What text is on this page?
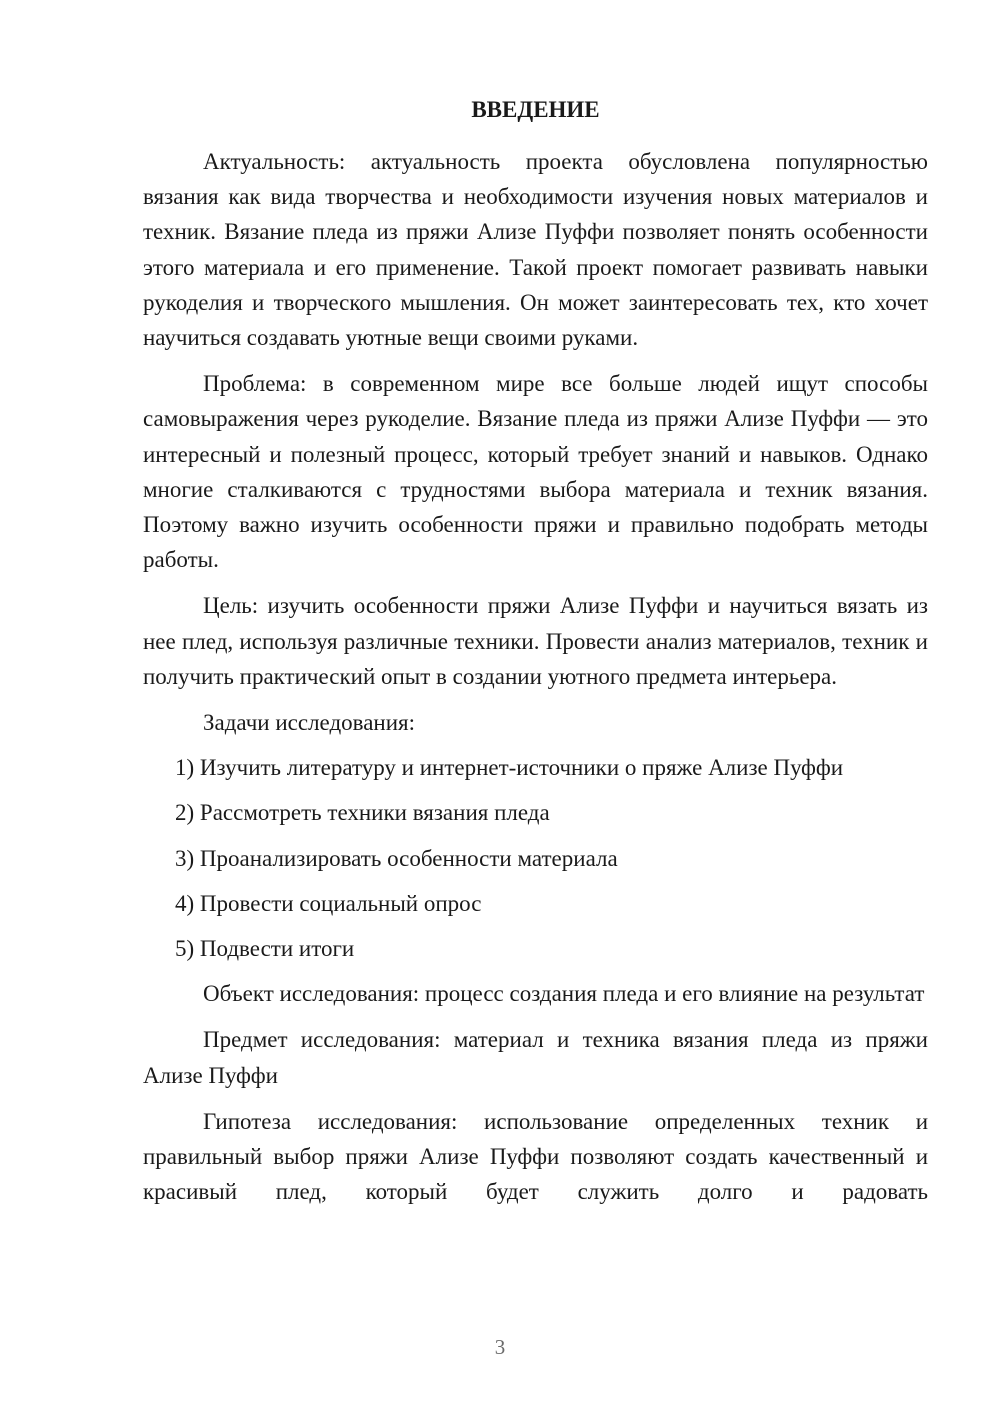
ВВЕДЕНИЕ

Актуальность: актуальность проекта обусловлена популярностью вязания как вида творчества и необходимости изучения новых материалов и техник. Вязание пледа из пряжи Ализе Пуффи позволяет понять особенности этого материала и его применение. Такой проект помогает развивать навыки рукоделия и творческого мышления. Он может заинтересовать тех, кто хочет научиться создавать уютные вещи своими руками.

Проблема: в современном мире все больше людей ищут способы самовыражения через рукоделие. Вязание пледа из пряжи Ализе Пуффи — это интересный и полезный процесс, который требует знаний и навыков. Однако многие сталкиваются с трудностями выбора материала и техник вязания. Поэтому важно изучить особенности пряжи и правильно подобрать методы работы.

Цель: изучить особенности пряжи Ализе Пуффи и научиться вязать из нее плед, используя различные техники. Провести анализ материалов, техник и получить практический опыт в создании уютного предмета интерьера.

Задачи исследования:
1) Изучить литературу и интернет-источники о пряже Ализе Пуффи
2) Рассмотреть техники вязания пледа
3) Проанализировать особенности материала
4) Провести социальный опрос
5) Подвести итоги

Объект исследования: процесс создания пледа и его влияние на результат

Предмет исследования: материал и техника вязания пледа из пряжи Ализе Пуффи

Гипотеза исследования: использование определенных техник и правильный выбор пряжи Ализе Пуффи позволяют создать качественный и красивый плед, который будет служить долго и радовать

3
